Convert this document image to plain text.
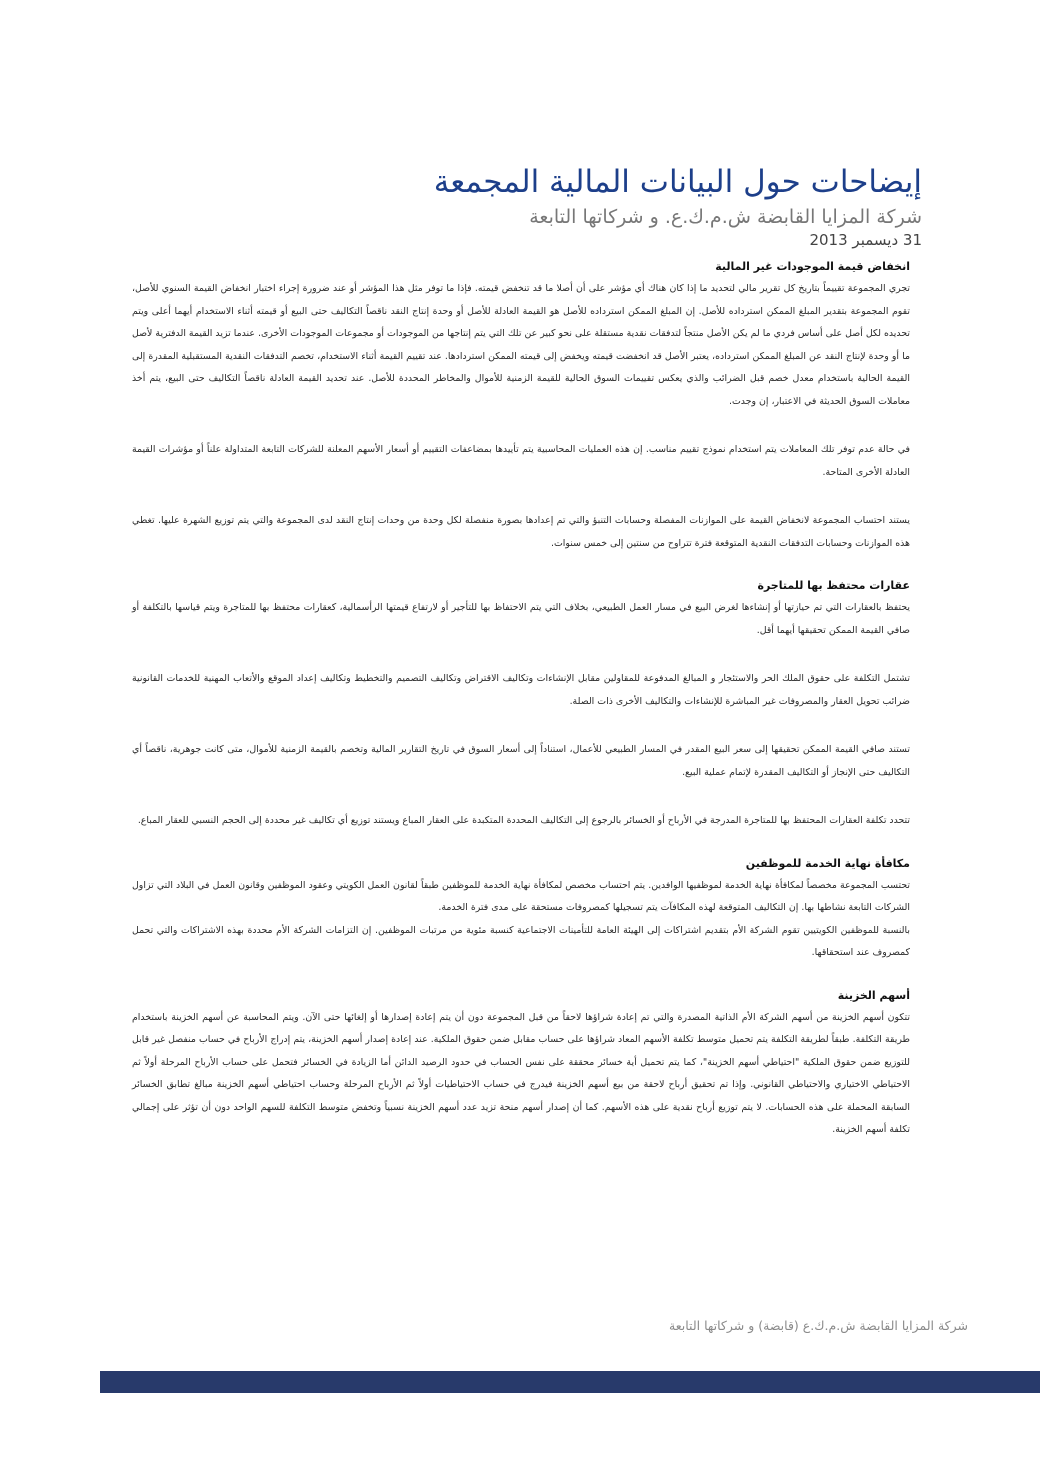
إيضاحات حول البيانات المالية المجمعة
شركة المزايا القابضة ش.م.ك.ع. و شركاتها التابعة
31 ديسمبر 2013
انخفاض قيمة الموجودات غير المالية

تجري المجموعة تقييماً بتاريخ كل تقرير مالي لتحديد ما إذا كان هناك أي مؤشر على أن أصلا ما قد تنخفض قيمته. فإذا ما توفر مثل هذا المؤشر أو عند ضرورة إجراء اختبار انخفاض القيمة السنوي للأصل، تقوم المجموعة بتقدير المبلغ الممكن استرداده للأصل. إن المبلغ الممكن استرداده للأصل هو القيمة العادلة للأصل أو وحدة إنتاج النقد ناقصاً التكاليف حتى البيع أو قيمته أثناء الاستخدام أيهما أعلى ويتم تحديده لكل أصل على أساس فردي ما لم يكن الأصل منتجاً لتدفقات نقدية مستقلة على نحو كبير عن تلك التي يتم إنتاجها من الموجودات أو مجموعات الموجودات الأخرى. عندما تزيد القيمة الدفترية لأصل ما أو وحدة لإنتاج النقد عن المبلغ الممكن استرداده، يعتبر الأصل قد انخفضت قيمته ويخفض إلى قيمته الممكن استردادها. عند تقييم القيمة أثناء الاستخدام، تخصم التدفقات النقدية المستقبلية المقدرة إلى القيمة الحالية باستخدام معدل خصم قبل الضرائب والذي يعكس تقييمات السوق الحالية للقيمة الزمنية للأموال والمخاطر المحددة للأصل. عند تحديد القيمة العادلة ناقصاً التكاليف حتى البيع، يتم أخذ معاملات السوق الحديثة في الاعتبار، إن وجدت.

في حالة عدم توفر تلك المعاملات يتم استخدام نموذج تقييم مناسب. إن هذه العمليات المحاسبية يتم تأييدها بمضاعفات التقييم أو أسعار الأسهم المعلنة للشركات التابعة المتداولة علناً أو مؤشرات القيمة العادلة الأخرى المتاحة.

يستند احتساب المجموعة لانخفاض القيمة على الموازنات المفصلة وحسابات التنبؤ والتي تم إعدادها بصورة منفصلة لكل وحدة من وحدات إنتاج النقد لدى المجموعة والتي يتم توزيع الشهرة عليها. تغطي هذه الموازنات وحسابات التدفقات النقدية المتوقعة فترة تتراوح من سنتين إلى خمس سنوات.

عقارات محتفظ بها للمتاجرة

يحتفظ بالعقارات التي تم حيازتها أو إنشاءها لغرض البيع في مسار العمل الطبيعي، بخلاف التي يتم الاحتفاظ بها للتأجير أو لارتفاع قيمتها الرأسمالية، كعقارات محتفظ بها للمتاجرة ويتم قياسها بالتكلفة أو صافي القيمة الممكن تحقيقها أيهما أقل.

تشتمل التكلفة على حقوق الملك الحر والاستئجار و المبالغ المدفوعة للمقاولين مقابل الإنشاءات وتكاليف الاقتراض وتكاليف التصميم والتخطيط وتكاليف إعداد الموقع والأتعاب المهنية للخدمات القانونية ضرائب تحويل العقار والمصروفات غير المباشرة للإنشاءات والتكاليف الأخرى ذات الصلة.

تستند صافي القيمة الممكن تحقيقها إلى سعر البيع المقدر في المسار الطبيعي للأعمال، استناداً إلى أسعار السوق في تاريخ التقارير المالية وتخصم بالقيمة الزمنية للأموال، متى كانت جوهرية، ناقصاً أي التكاليف حتى الإنجاز أو التكاليف المقدرة لإتمام عملية البيع.

تتحدد تكلفة العقارات المحتفظ بها للمتاجرة المدرجة في الأرباح أو الخسائر بالرجوع إلى التكاليف المحددة المتكبدة على العقار المباع ويستند توزيع أي تكاليف غير محددة إلى الحجم النسبي للعقار المباع.

مكافأة نهاية الخدمة للموظفين

تحتسب المجموعة مخصصاً لمكافأة نهاية الخدمة لموظفيها الوافدين. يتم احتساب مخصص لمكافأة نهاية الخدمة للموظفين طبقاً لقانون العمل الكويتي وعقود الموظفين وقانون العمل في البلاد التي تزاول الشركات التابعة نشاطها بها. إن التكاليف المتوقعة لهذه المكافآت يتم تسجيلها كمصروفات مستحقة على مدى فترة الخدمة.

بالنسبة للموظفين الكويتيين تقوم الشركة الأم بتقديم اشتراكات إلى الهيئة العامة للتأمينات الاجتماعية كنسبة مئوية من مرتبات الموظفين. إن التزامات الشركة الأم محددة بهذه الاشتراكات والتي تحمل كمصروف عند استحقاقها.

أسهم الخزينة

تتكون أسهم الخزينة من أسهم الشركة الأم الذاتية المصدرة والتي تم إعادة شراؤها لاحقاً من قبل المجموعة دون أن يتم إعادة إصدارها أو إلغائها حتى الآن. ويتم المحاسبة عن أسهم الخزينة باستخدام طريقة التكلفة. طبقاً لطريقة التكلفة يتم تحميل متوسط تكلفة الأسهم المعاد شراؤها على حساب مقابل ضمن حقوق الملكية. عند إعادة إصدار أسهم الخزينة، يتم إدراج الأرباح في حساب منفصل غير قابل للتوزيع ضمن حقوق الملكية "احتياطي أسهم الخزينة"، كما يتم تحميل أية خسائر محققة على نفس الحساب في حدود الرصيد الدائن أما الزيادة في الخسائر فتحمل على حساب الأرباح المرحلة أولاً ثم الاحتياطي الاختياري والاحتياطي القانوني. وإذا تم تحقيق أرباح لاحقة من بيع أسهم الخزينة فيدرج في حساب الاحتياطيات أولاً ثم الأرباح المرحلة وحساب احتياطي أسهم الخزينة مبالغ تطابق الخسائر السابقة المحملة على هذه الحسابات. لا يتم توزيع أرباح نقدية على هذه الأسهم. كما أن إصدار أسهم منحة تزيد عدد أسهم الخزينة نسبياً وتخفض متوسط التكلفة للسهم الواحد دون أن تؤثر على إجمالي تكلفة أسهم الخزينة.

شركة المزايا القابضة ش.م.ك.ع (قابضة) و شركاتها التابعة
